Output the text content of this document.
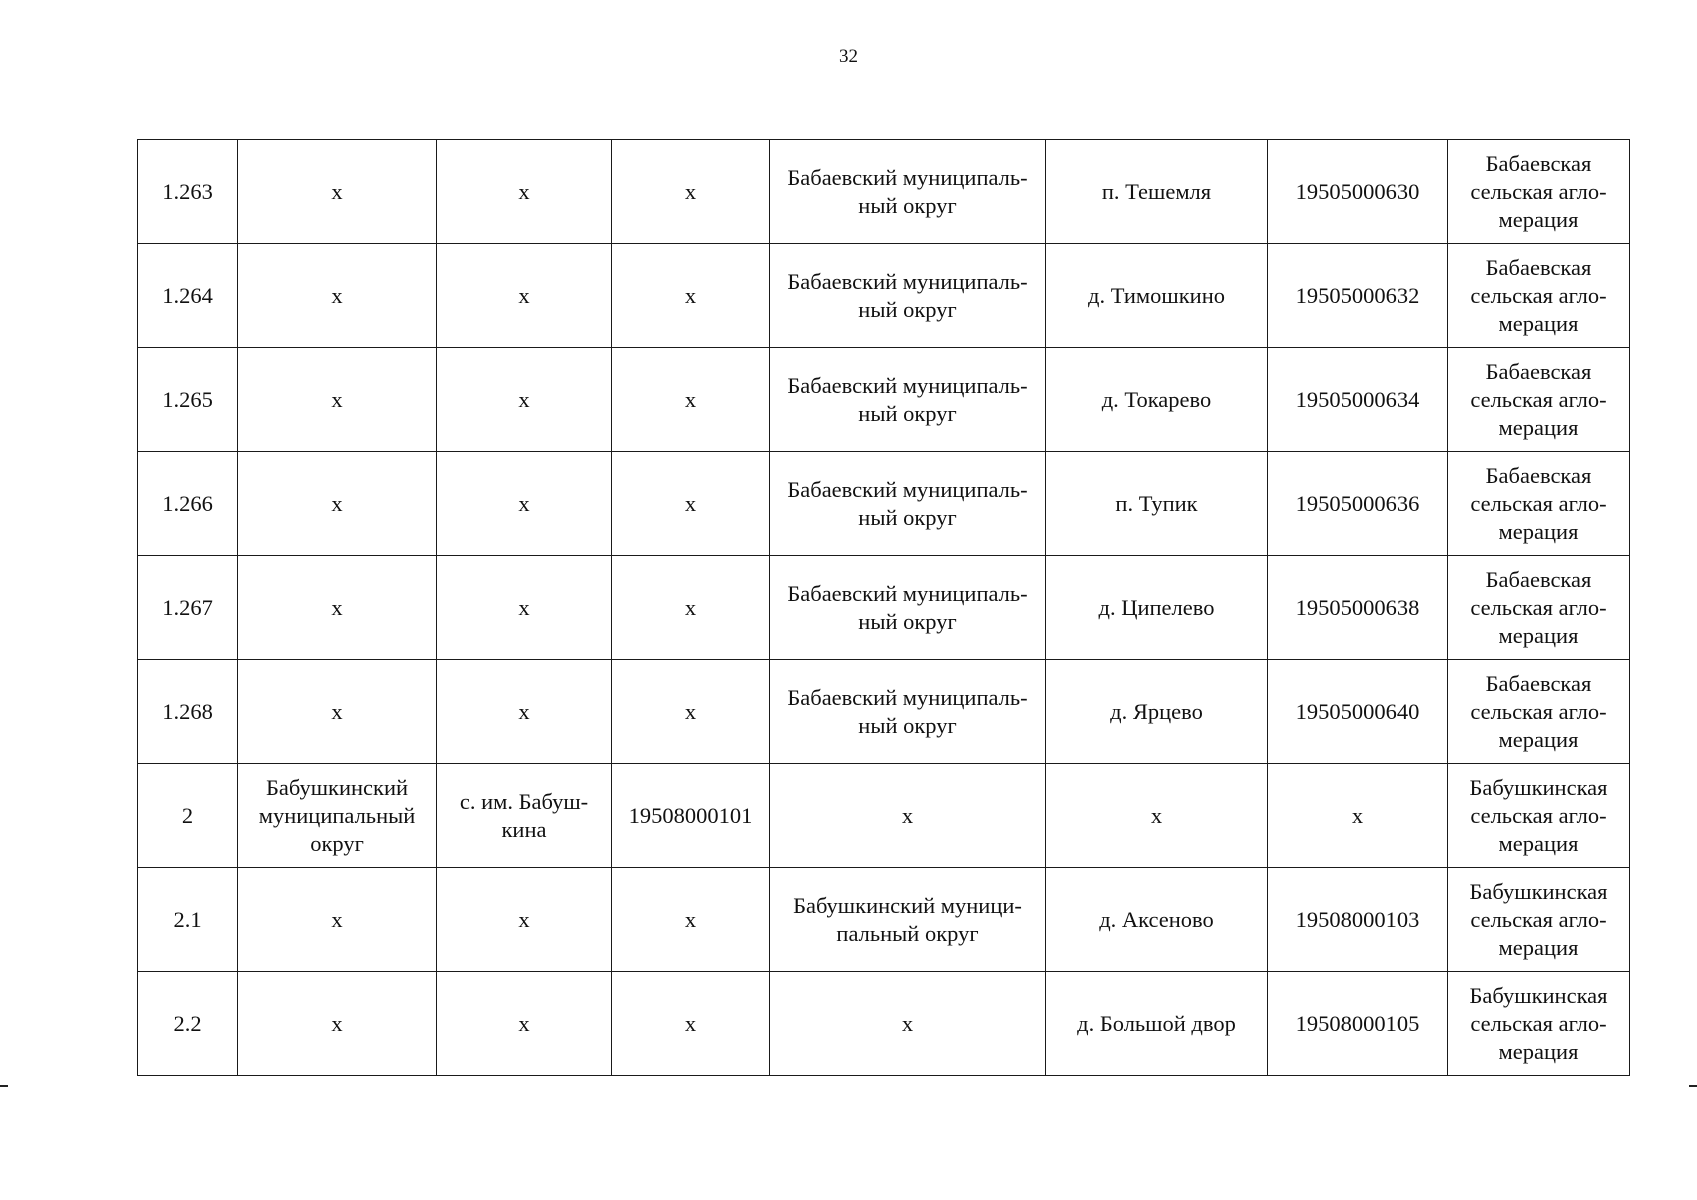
32
1.263	х	х	х	Бабаевский муниципаль-ный округ	п. Тешемля	19505000630	Бабаевская сельская агло-мерация
1.264	х	х	х	Бабаевский муниципаль-ный округ	д. Тимошкино	19505000632	Бабаевская сельская агло-мерация
1.265	х	х	х	Бабаевский муниципаль-ный округ	д. Токарево	19505000634	Бабаевская сельская агло-мерация
1.266	х	х	х	Бабаевский муниципаль-ный округ	п. Тупик	19505000636	Бабаевская сельская агло-мерация
1.267	х	х	х	Бабаевский муниципаль-ный округ	д. Ципелево	19505000638	Бабаевская сельская агло-мерация
1.268	х	х	х	Бабаевский муниципаль-ный округ	д. Ярцево	19505000640	Бабаевская сельская агло-мерация
2	Бабушкинский муниципальный округ	с. им. Бабуш-кина	19508000101	х	х	х	Бабушкинская сельская агло-мерация
2.1	х	х	х	Бабушкинский муници-пальный округ	д. Аксеново	19508000103	Бабушкинская сельская агло-мерация
2.2	х	х	х	х	д. Большой двор	19508000105	Бабушкинская сельская агло-мерация
